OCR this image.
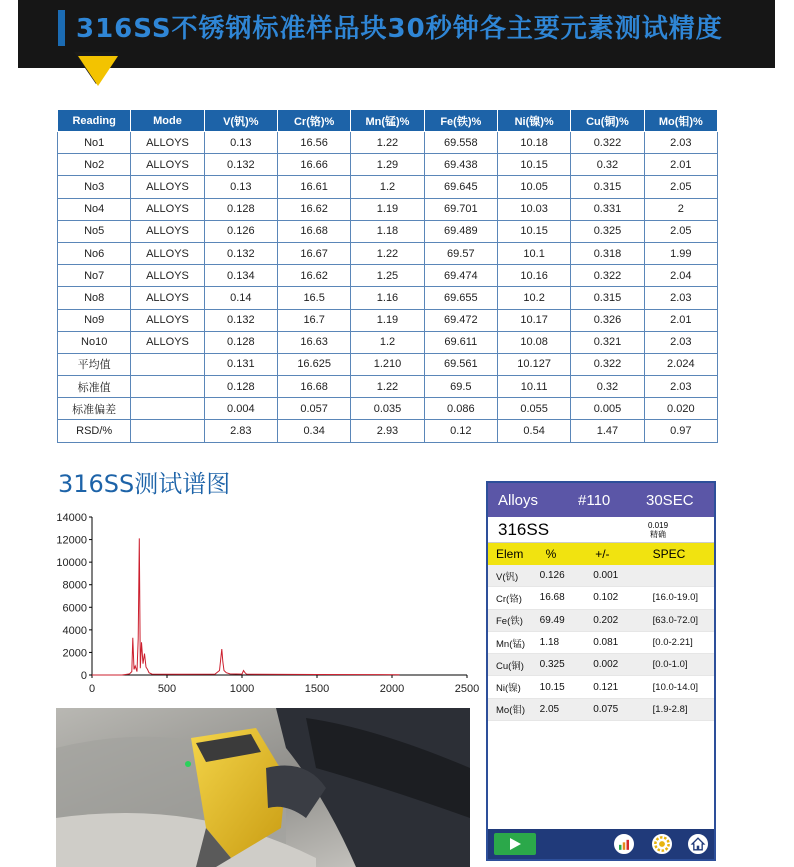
316SS不锈钢标准样品块30秒钟各主要元素测试精度
Reading	Mode	V(钒)%	Cr(铬)%	Mn(锰)%	Fe(铁)%	Ni(镍)%	Cu(铜)%	Mo(钼)%
No1	ALLOYS	0.13	16.56	1.22	69.558	10.18	0.322	2.03
No2	ALLOYS	0.132	16.66	1.29	69.438	10.15	0.32	2.01
No3	ALLOYS	0.13	16.61	1.2	69.645	10.05	0.315	2.05
No4	ALLOYS	0.128	16.62	1.19	69.701	10.03	0.331	2
No5	ALLOYS	0.126	16.68	1.18	69.489	10.15	0.325	2.05
No6	ALLOYS	0.132	16.67	1.22	69.57	10.1	0.318	1.99
No7	ALLOYS	0.134	16.62	1.25	69.474	10.16	0.322	2.04
No8	ALLOYS	0.14	16.5	1.16	69.655	10.2	0.315	2.03
No9	ALLOYS	0.132	16.7	1.19	69.472	10.17	0.326	2.01
No10	ALLOYS	0.128	16.63	1.2	69.611	10.08	0.321	2.03
平均值		0.131	16.625	1.210	69.561	10.127	0.322	2.024
标准值		0.128	16.68	1.22	69.5	10.11	0.32	2.03
标准偏差		0.004	0.057	0.035	0.086	0.055	0.005	0.020
RSD/%		2.83	0.34	2.93	0.12	0.54	1.47	0.97
316SS测试谱图
0
2000
4000
6000
8000
10000
12000
14000
0	500	1000	1500	2000	2500
Alloys	#110	30SEC
316SS	0.019
精确
Elem	%	+/-	SPEC
V(钒)	0.126	0.001
Cr(铬)	16.68	0.102	[16.0-19.0]
Fe(铁)	69.49	0.202	[63.0-72.0]
Mn(锰)	1.18	0.081	[0.0-2.21]
Cu(铜)	0.325	0.002	[0.0-1.0]
Ni(镍)	10.15	0.121	[10.0-14.0]
Mo(钼)	2.05	0.075	[1.9-2.8]
